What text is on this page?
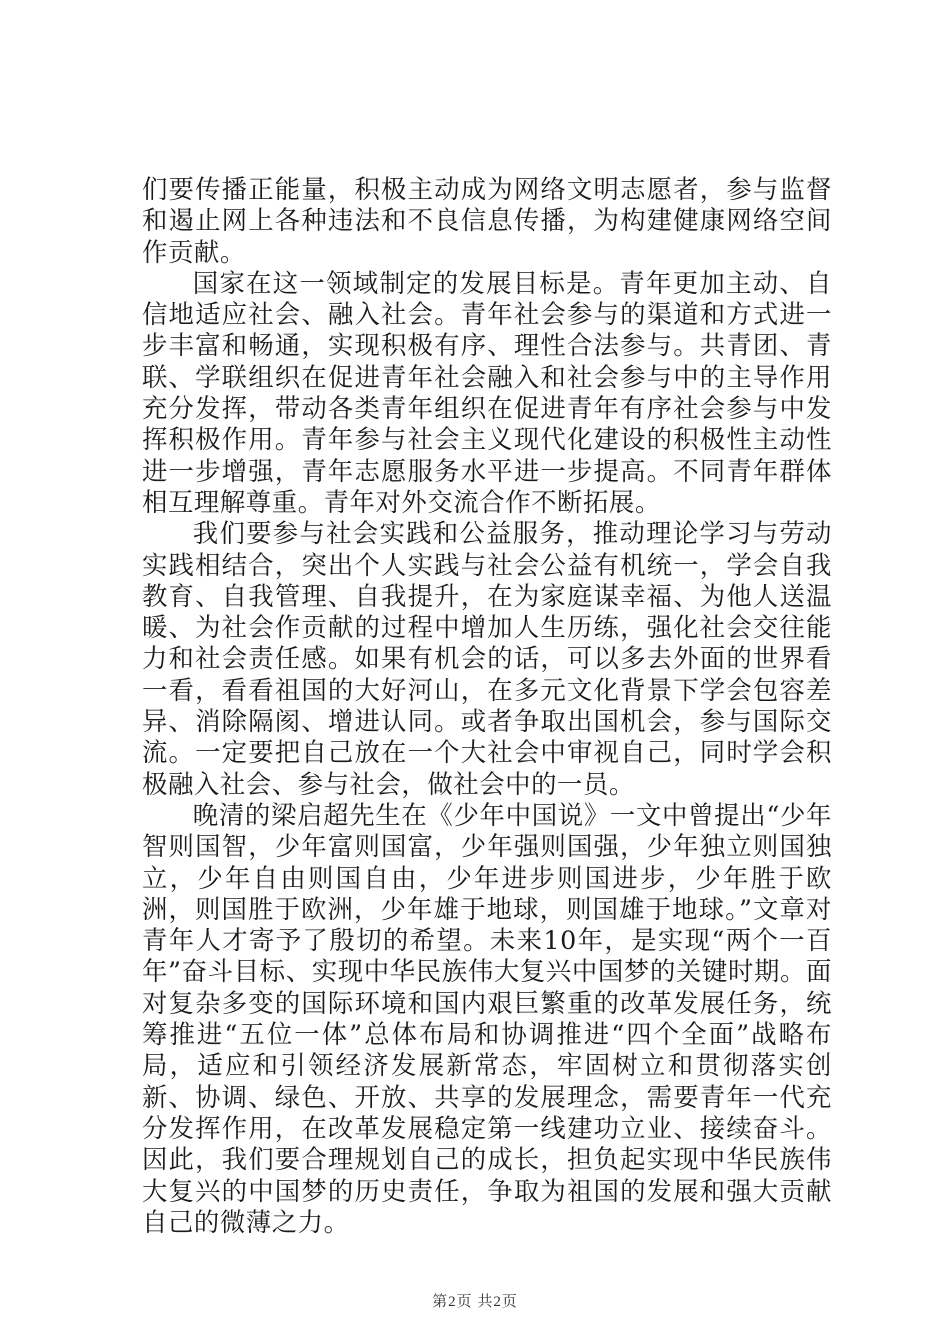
们要传播正能量，积极主动成为网络文明志愿者，参与监督和遏止网上各种违法和不良信息传播，为构建健康网络空间作贡献。

国家在这一领域制定的发展目标是。青年更加主动、自信地适应社会、融入社会。青年社会参与的渠道和方式进一步丰富和畅通，实现积极有序、理性合法参与。共青团、青联、学联组织在促进青年社会融入和社会参与中的主导作用充分发挥，带动各类青年组织在促进青年有序社会参与中发挥积极作用。青年参与社会主义现代化建设的积极性主动性进一步增强，青年志愿服务水平进一步提高。不同青年群体相互理解尊重。青年对外交流合作不断拓展。

我们要参与社会实践和公益服务，推动理论学习与劳动实践相结合，突出个人实践与社会公益有机统一，学会自我教育、自我管理、自我提升，在为家庭谋幸福、为他人送温暖、为社会作贡献的过程中增加人生历练，强化社会交往能力和社会责任感。如果有机会的话，可以多去外面的世界看一看，看看祖国的大好河山，在多元文化背景下学会包容差异、消除隔阂、增进认同。或者争取出国机会，参与国际交流。一定要把自己放在一个大社会中审视自己，同时学会积极融入社会、参与社会，做社会中的一员。

晚清的梁启超先生在《少年中国说》一文中曾提出“少年智则国智，少年富则国富，少年强则国强，少年独立则国独立，少年自由则国自由，少年进步则国进步，少年胜于欧洲，则国胜于欧洲，少年雄于地球，则国雄于地球。”文章对青年人才寄予了殷切的希望。未来10年，是实现“两个一百年”奋斗目标、实现中华民族伟大复兴中国梦的关键时期。面对复杂多变的国际环境和国内艰巨繁重的改革发展任务，统筹推进“五位一体”总体布局和协调推进“四个全面”战略布局，适应和引领经济发展新常态，牢固树立和贯彻落实创新、协调、绿色、开放、共享的发展理念，需要青年一代充分发挥作用，在改革发展稳定第一线建功立业、接续奋斗。因此，我们要合理规划自己的成长，担负起实现中华民族伟大复兴的中国梦的历史责任，争取为祖国的发展和强大贡献自己的微薄之力。

第2页 共2页
